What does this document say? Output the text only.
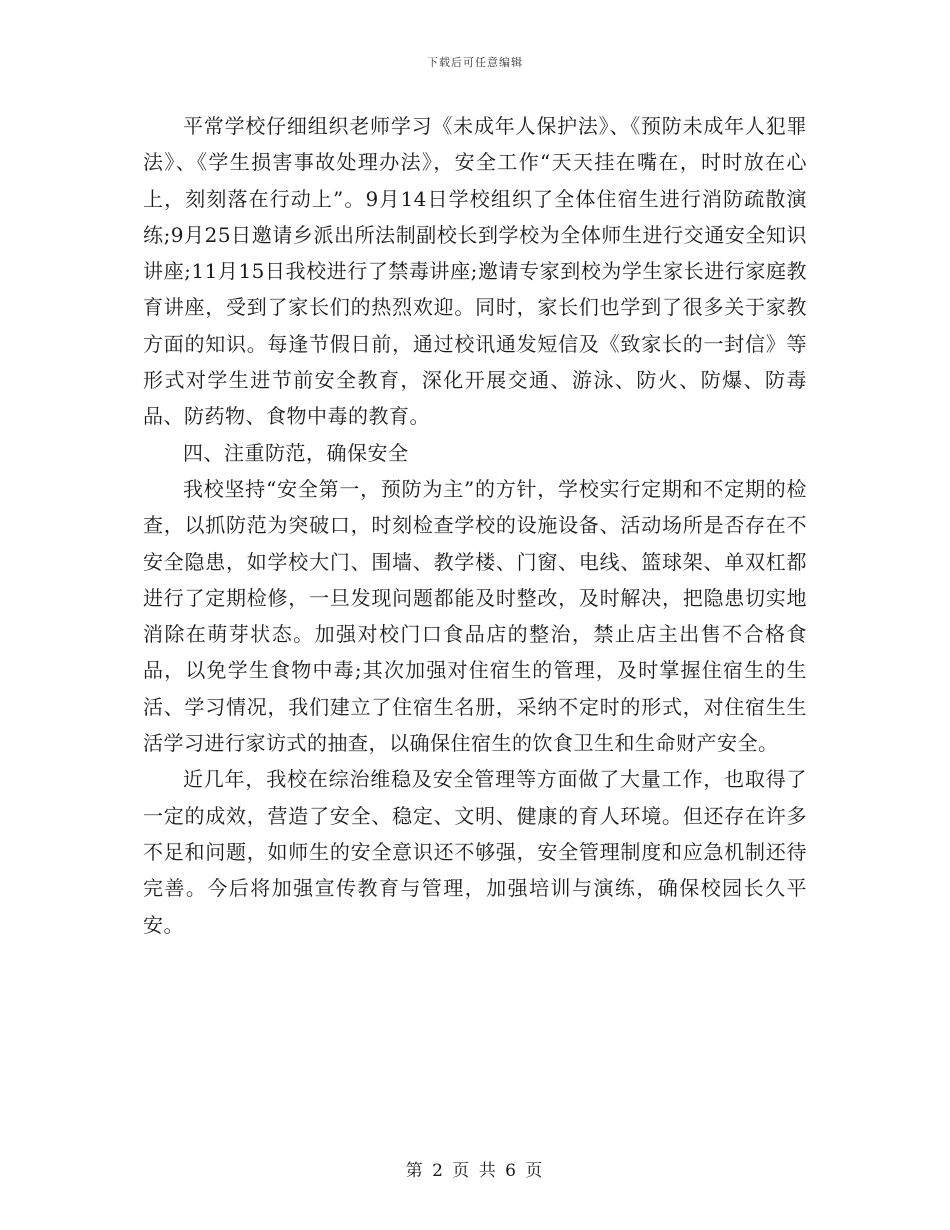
下载后可任意编辑

平常学校仔细组织老师学习《未成年人保护法》、《预防未成年人犯罪法》、《学生损害事故处理办法》，安全工作“天天挂在嘴在，时时放在心上，刻刻落在行动上”。9月14日学校组织了全体住宿生进行消防疏散演练;9月25日邀请乡派出所法制副校长到学校为全体师生进行交通安全知识讲座;11月15日我校进行了禁毒讲座;邀请专家到校为学生家长进行家庭教育讲座，受到了家长们的热烈欢迎。同时，家长们也学到了很多关于家教方面的知识。每逢节假日前，通过校讯通发短信及《致家长的一封信》等形式对学生进节前安全教育，深化开展交通、游泳、防火、防爆、防毒品、防药物、食物中毒的教育。

四、注重防范，确保安全

我校坚持“安全第一，预防为主”的方针，学校实行定期和不定期的检查，以抓防范为突破口，时刻检查学校的设施设备、活动场所是否存在不安全隐患，如学校大门、围墙、教学楼、门窗、电线、篮球架、单双杠都进行了定期检修，一旦发现问题都能及时整改，及时解决，把隐患切实地消除在萌芽状态。加强对校门口食品店的整治，禁止店主出售不合格食品，以免学生食物中毒;其次加强对住宿生的管理，及时掌握住宿生的生活、学习情况，我们建立了住宿生名册，采纳不定时的形式，对住宿生生活学习进行家访式的抽查，以确保住宿生的饮食卫生和生命财产安全。

近几年，我校在综治维稳及安全管理等方面做了大量工作，也取得了一定的成效，营造了安全、稳定、文明、健康的育人环境。但还存在许多不足和问题，如师生的安全意识还不够强，安全管理制度和应急机制还待完善。今后将加强宣传教育与管理，加强培训与演练，确保校园长久平安。

第 2 页 共 6 页
